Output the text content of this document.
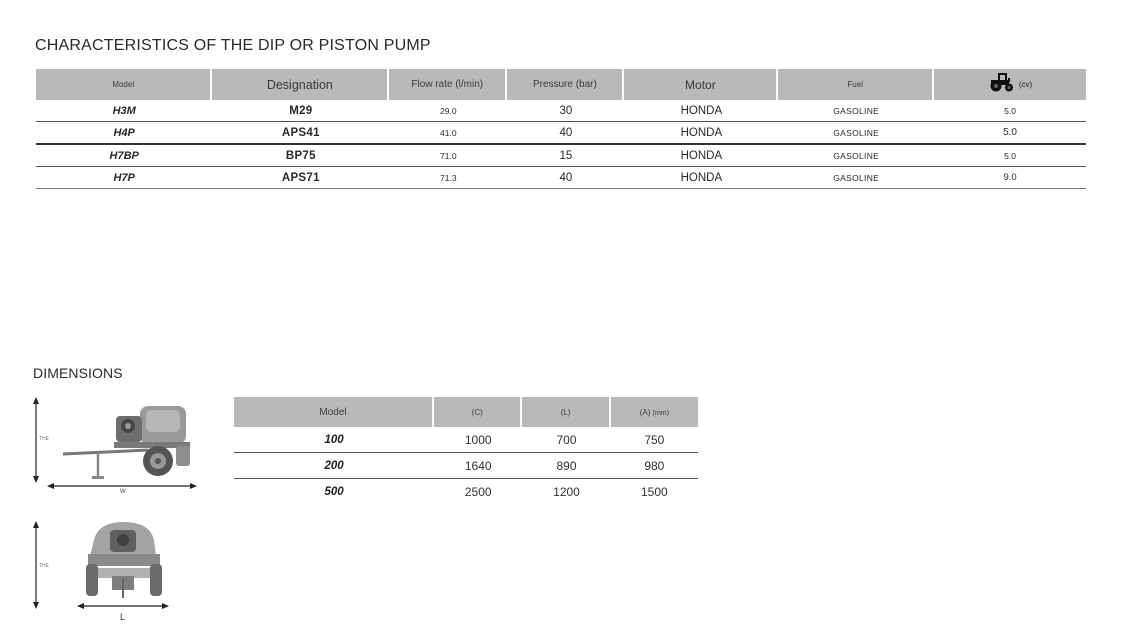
CHARACTERISTICS OF THE DIP OR PISTON PUMP
Model	Designation	Flow rate (l/min)	Pressure (bar)	Motor	Fuel	(cv)

H3M	M29	29.0	30	HONDA	GASOLINE	5.0
H4P	APS41	41.0	40	HONDA	GASOLINE	5.0
H7BP	BP75	71.0	15	HONDA	GASOLINE	5.0
H7P	APS71	71.3	40	HONDA	GASOLINE	9.0
DIMENSIONS
THE
W
THE
L
Model	(C)	(L)	(A) (mm)
100	1000	700	750
200	1640	890	980
500	2500	1200	1500
